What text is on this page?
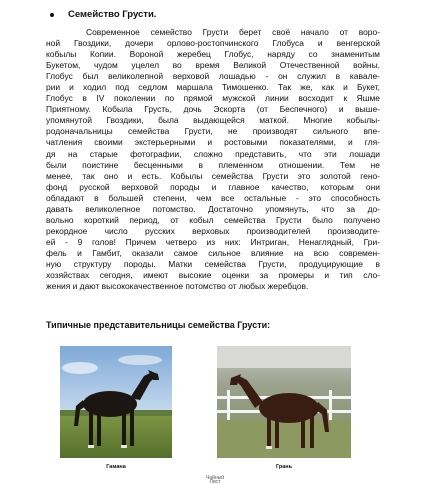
Семейство Грусти.
Современное семейство Грусти берет своё начало от воро-
ной Гвоздики, дочери орлово-ростопчинского Глобуса и венгерской
кобылы Копии. Вороной жеребец Глобус, наряду со знаменитым
Букетом, чудом уцелел во время Великой Отечественной войны.
Глобус был великолепной верховой лошадью - он служил в кавале-
рии и ходил под седлом маршала Тимошенко. Так же, как и Букет,
Глобус в IV поколении по прямой мужской линии восходит к Яшме
Приятному. Кобыла Грусть, дочь Эскорта (от Беспечного) и выше-
упомянутой Гвоздики, была выдающейся маткой. Многие кобылы-
родоначальницы семейства Грусти, не производят сильного впе-
чатления своими экстерьерными и ростовыми показателями, и гля-
дя на старые фотографии, сложно представить, что эти лошади
были поистине бесценными в племенном отношении. Тем не
менее, так оно и есть. Кобылы семейства Грусти это золотой гено-
фонд русской верховой породы и главное качество, которым они
обладают в большей степени, чем все остальные - это способность
давать великолепное потомство. Достаточно упомянуть, что за до-
вольно короткий период, от кобыл семейства Грусти было получено
рекордное число русских верховых производителей производите-
ей - 9 голов! Причем четверо из них: Интриган, Ненаглядный, Гри-
фель и Гамбит, оказали самое сильное влияние на всю современ-
ную структуру породы. Матки семейства Грусти, продуцирующие в
хозяйствах сегодня, имеют высокие оценки за промеры и тип сло-
жения и дают высококачественное потомство от любых жеребцов.
Типичные представительницы семейства Грусти:
Гамана	Грань
Чайный Лист
